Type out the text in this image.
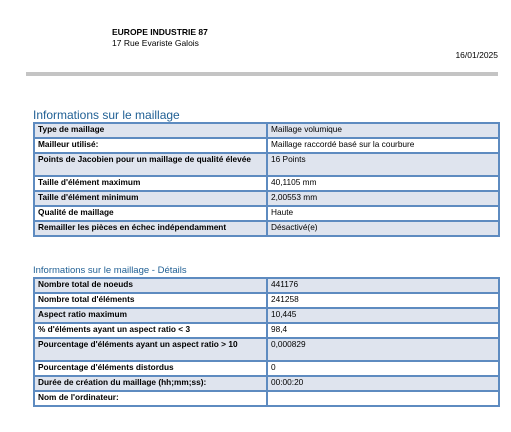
EUROPE INDUSTRIE 87
17 Rue Evariste Galois
16/01/2025
Informations sur le maillage
Type de maillage	Maillage volumique
Mailleur utilisé:	Maillage raccordé basé sur la courbure
Points de Jacobien pour un maillage de qualité élevée	16 Points
Taille d'élément maximum	40,1105 mm
Taille d'élément minimum	2,00553 mm
Qualité de maillage	Haute
Remailler les pièces en échec indépendamment	Désactivé(e)
Informations sur le maillage - Détails
Nombre total de noeuds	441176
Nombre total d'éléments	241258
Aspect ratio maximum	10,445
% d'éléments ayant un aspect ratio < 3	98,4
Pourcentage d'éléments ayant un aspect ratio > 10	0,000829
Pourcentage d'éléments distordus	0
Durée de création du maillage (hh;mm;ss):	00:00:20
Nom de l'ordinateur:	
